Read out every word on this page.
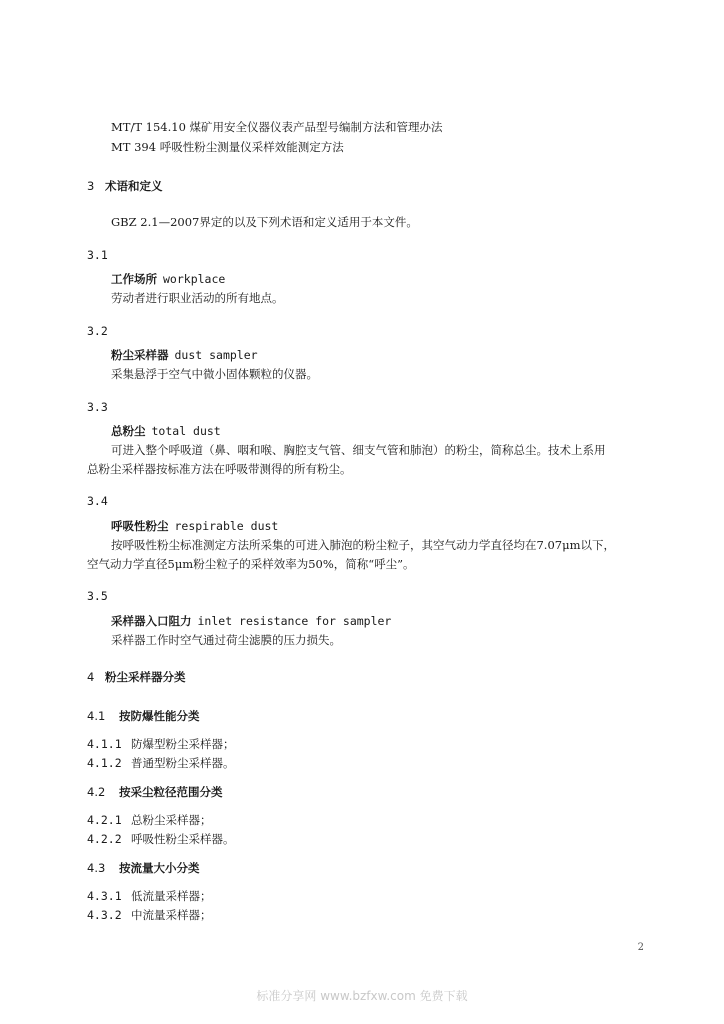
MT/T 154.10 煤矿用安全仪器仪表产品型号编制方法和管理办法
MT 394 呼吸性粉尘测量仪采样效能测定方法
3 术语和定义
GBZ 2.1—2007界定的以及下列术语和定义适用于本文件。
3.1
工作场所 workplace
劳动者进行职业活动的所有地点。
3.2
粉尘采样器 dust sampler
采集悬浮于空气中微小固体颗粒的仪器。
3.3
总粉尘 total dust
可进入整个呼吸道（鼻、咽和喉、胸腔支气管、细支气管和肺泡）的粉尘，简称总尘。技术上系用
总粉尘采样器按标准方法在呼吸带测得的所有粉尘。
3.4
呼吸性粉尘 respirable dust
按呼吸性粉尘标准测定方法所采集的可进入肺泡的粉尘粒子，其空气动力学直径均在7.07μm以下，
空气动力学直径5μm粉尘粒子的采样效率为50%，简称“呼尘”。
3.5
采样器入口阻力 inlet resistance for sampler
采样器工作时空气通过荷尘滤膜的压力损失。
4 粉尘采样器分类
4.1 按防爆性能分类
4.1.1 防爆型粉尘采样器；
4.1.2 普通型粉尘采样器。
4.2 按采尘粒径范围分类
4.2.1 总粉尘采样器；
4.2.2 呼吸性粉尘采样器。
4.3 按流量大小分类
4.3.1 低流量采样器；
4.3.2 中流量采样器；
2
标准分享网 www.bzfxw.com 免费下载
